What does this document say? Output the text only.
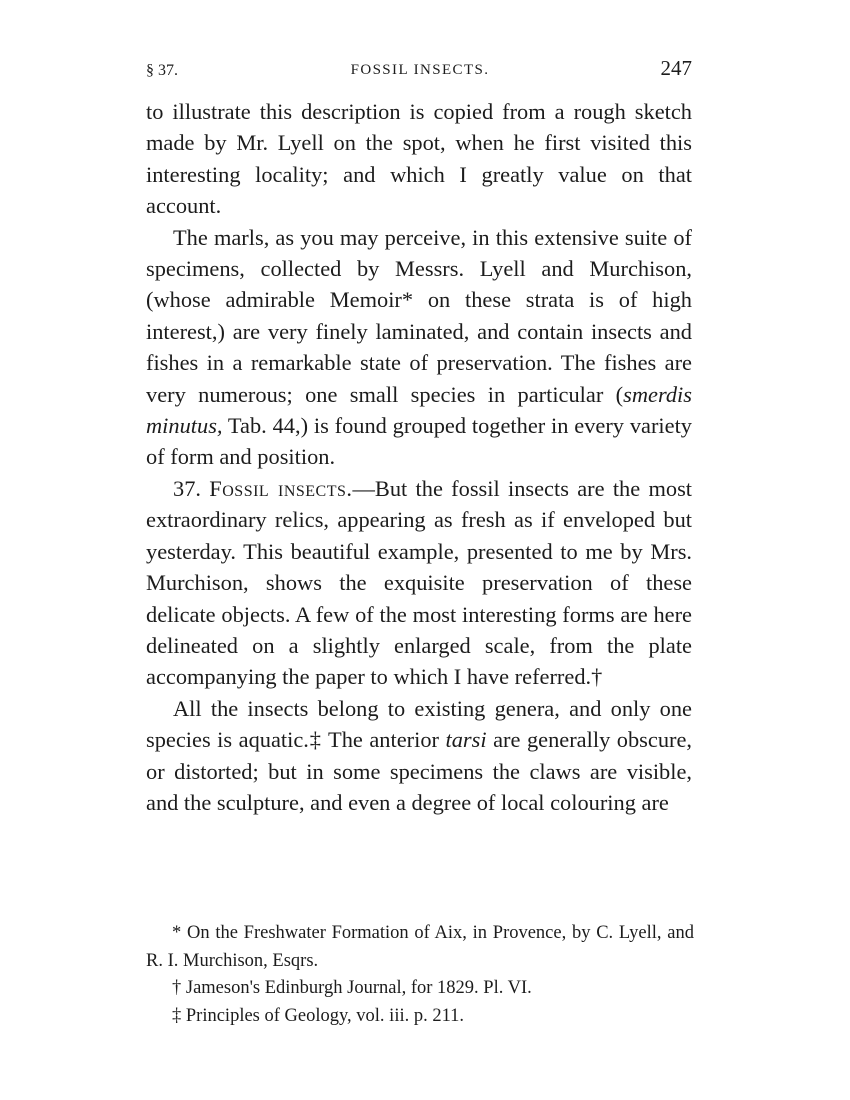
§ 37.	FOSSIL INSECTS.	247

to illustrate this description is copied from a rough sketch made by Mr. Lyell on the spot, when he first visited this interesting locality; and which I greatly value on that account.

The marls, as you may perceive, in this extensive suite of specimens, collected by Messrs. Lyell and Murchison, (whose admirable Memoir* on these strata is of high interest,) are very finely laminated, and contain insects and fishes in a remarkable state of preservation. The fishes are very numerous; one small species in particular (smerdis minutus, Tab. 44,) is found grouped together in every variety of form and position.

37. Fossil insects.—But the fossil insects are the most extraordinary relics, appearing as fresh as if enveloped but yesterday. This beautiful example, presented to me by Mrs. Murchison, shows the exquisite preservation of these delicate objects. A few of the most interesting forms are here delineated on a slightly enlarged scale, from the plate accompanying the paper to which I have referred.†

All the insects belong to existing genera, and only one species is aquatic.‡ The anterior tarsi are generally obscure, or distorted; but in some specimens the claws are visible, and the sculpture, and even a degree of local colouring are

* On the Freshwater Formation of Aix, in Provence, by C. Lyell, and R. I. Murchison, Esqrs.

† Jameson's Edinburgh Journal, for 1829. Pl. VI.

‡ Principles of Geology, vol. iii. p. 211.
